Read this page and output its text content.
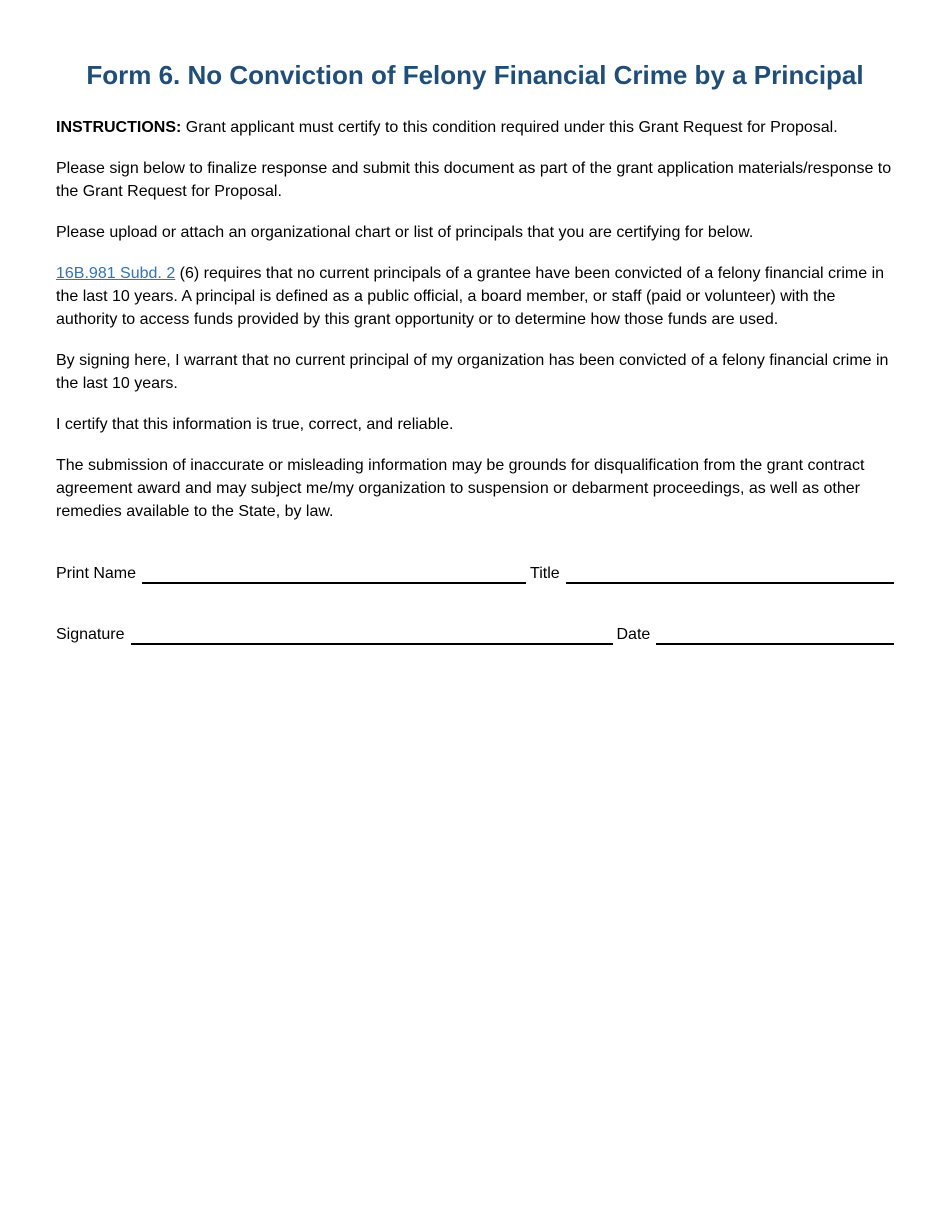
Form 6. No Conviction of Felony Financial Crime by a Principal

INSTRUCTIONS: Grant applicant must certify to this condition required under this Grant Request for Proposal.

Please sign below to finalize response and submit this document as part of the grant application materials/response to the Grant Request for Proposal.

Please upload or attach an organizational chart or list of principals that you are certifying for below.

16B.981 Subd. 2 (6) requires that no current principals of a grantee have been convicted of a felony financial crime in the last 10 years. A principal is defined as a public official, a board member, or staff (paid or volunteer) with the authority to access funds provided by this grant opportunity or to determine how those funds are used.

By signing here, I warrant that no current principal of my organization has been convicted of a felony financial crime in the last 10 years.

I certify that this information is true, correct, and reliable.

The submission of inaccurate or misleading information may be grounds for disqualification from the grant contract agreement award and may subject me/my organization to suspension or debarment proceedings, as well as other remedies available to the State, by law.

Print Name	Title
Signature	Date
